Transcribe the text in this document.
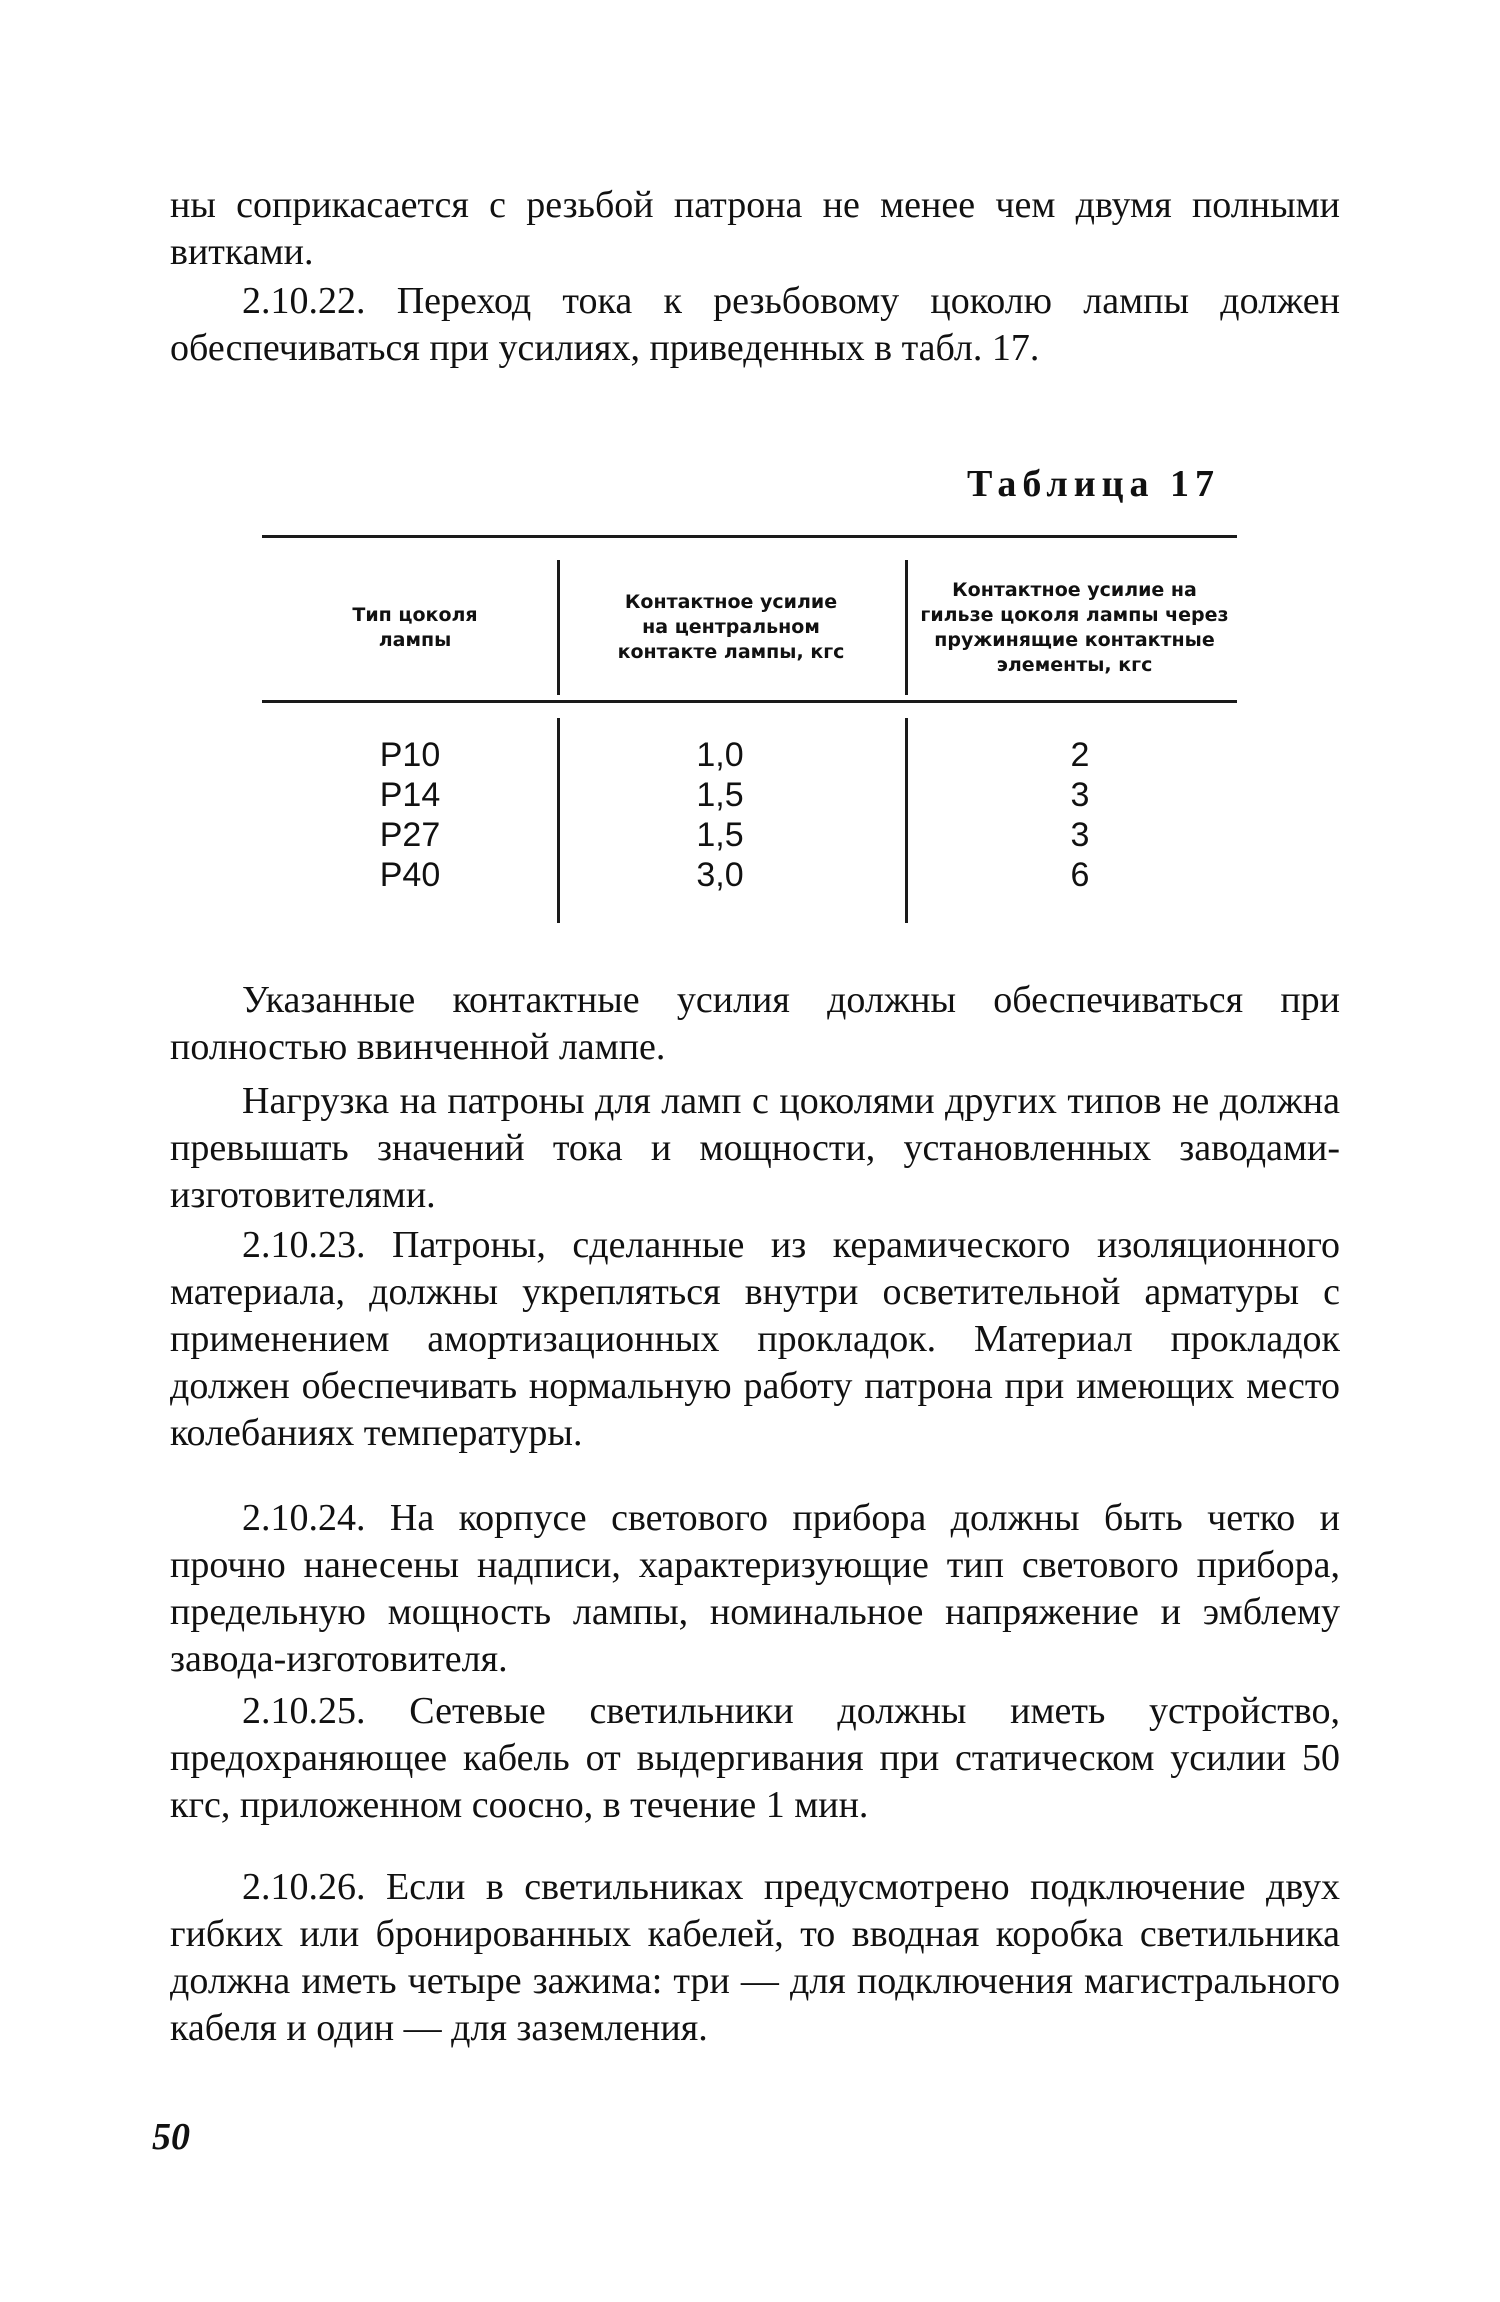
ны соприкасается с резьбой патрона не менее чем двумя полными витками.

2.10.22. Переход тока к резьбовому цоколю лампы должен обеспечиваться при усилиях, приведенных в табл. 17.

Таблица 17
Тип цоколя лампы
Контактное усилие на центральном контакте лампы, кгс
Контактное усилие на гильзе цоколя лампы через пружинящие контактные элементы, кгс
Р10
Р14
Р27
Р40
1,0
1,5
1,5
3,0
2
3
3
6

Указанные контактные усилия должны обеспечиваться при полностью ввинченной лампе.

Нагрузка на патроны для ламп с цоколями других типов не должна превышать значений тока и мощности, установленных заводами-изготовителями.

2.10.23. Патроны, сделанные из керамического изоляционного материала, должны укрепляться внутри осветительной арматуры с применением амортизационных прокладок. Материал прокладок должен обеспечивать нормальную работу патрона при имеющих место колебаниях температуры.

2.10.24. На корпусе светового прибора должны быть четко и прочно нанесены надписи, характеризующие тип светового прибора, предельную мощность лампы, номинальное напряжение и эмблему завода-изготовителя.

2.10.25. Сетевые светильники должны иметь устройство, предохраняющее кабель от выдергивания при статическом усилии 50 кгс, приложенном соосно, в течение 1 мин.

2.10.26. Если в светильниках предусмотрено подключение двух гибких или бронированных кабелей, то вводная коробка светильника должна иметь четыре зажима: три — для подключения магистрального кабеля и один — для заземления.

50
